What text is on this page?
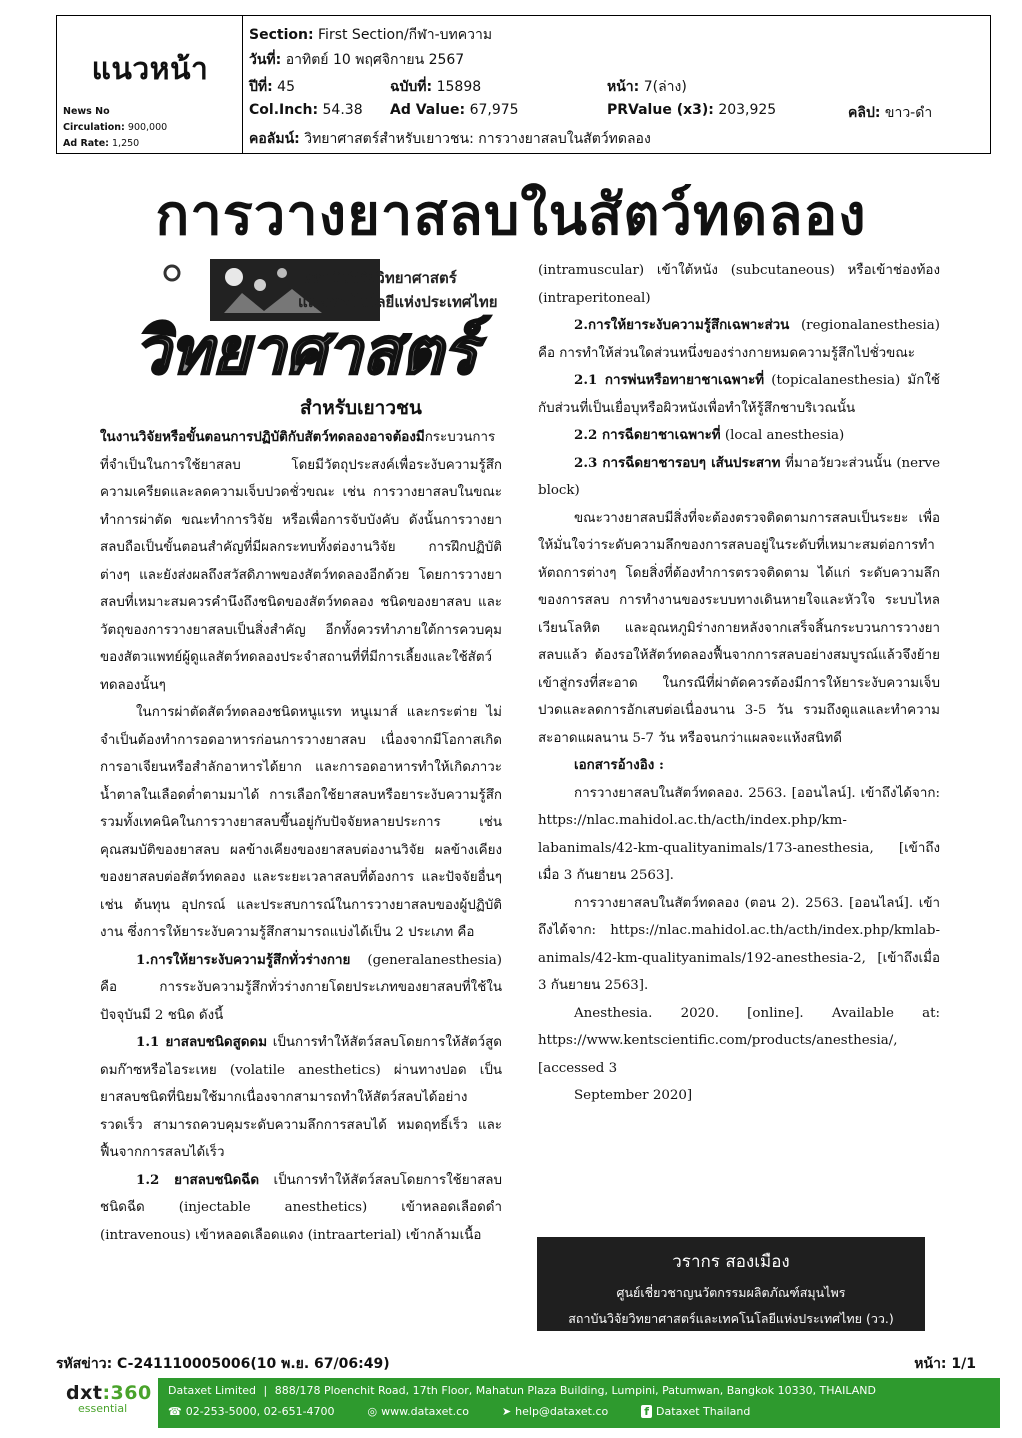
แนวหน้า
News No
Circulation: 900,000
Ad Rate: 1,250
Section: First Section/กีฬา-บทความ
วันที่: อาทิตย์ 10 พฤศจิกายน 2567
ปีที่: 45	ฉบับที่: 15898	หน้า: 7(ล่าง)
Col.Inch: 54.38 Ad Value: 67,975	PRValue (x3): 203,925	คลิป: ขาว-ดำ
คอลัมน์: วิทยาศาสตร์สำหรับเยาวชน: การวางยาสลบในสัตว์ทดลอง
การวางยาสลบในสัตว์ทดลอง
สถาบันวิจัยวิทยาศาสตร์
และเทคโนโลยีแห่งประเทศไทย
วิทยาศาสตร์
สำหรับเยาวชน

ในงานวิจัยหรือขั้นตอนการปฏิบัติกับสัตว์ทดลองอาจต้องมีกระบวนการที่จำเป็นในการใช้ยาสลบ โดยมีวัตถุประสงค์เพื่อระงับความรู้สึก ความเครียดและลดความเจ็บปวดชั่วขณะ เช่น การวางยาสลบในขณะทำการผ่าตัด ขณะทำการวิจัย หรือเพื่อการจับบังคับ ดังนั้นการวางยาสลบถือเป็นขั้นตอนสำคัญที่มีผลกระทบทั้งต่องานวิจัย การฝึกปฏิบัติต่างๆ และยังส่งผลถึงสวัสดิภาพของสัตว์ทดลองอีกด้วย โดยการวางยาสลบที่เหมาะสมควรคำนึงถึงชนิดของสัตว์ทดลอง ชนิดของยาสลบ และวัตถุของการวางยาสลบเป็นสิ่งสำคัญ อีกทั้งควรทำภายใต้การควบคุมของสัตวแพทย์ผู้ดูแลสัตว์ทดลองประจำสถานที่ที่มีการเลี้ยงและใช้สัตว์ทดลองนั้นๆ

ในการผ่าตัดสัตว์ทดลองชนิดหนูแรท หนูเมาส์ และกระต่าย ไม่จำเป็นต้องทำการอดอาหารก่อนการวางยาสลบ เนื่องจากมีโอกาสเกิดการอาเจียนหรือสำลักอาหารได้ยาก และการอดอาหารทำให้เกิดภาวะน้ำตาลในเลือดต่ำตามมาได้ การเลือกใช้ยาสลบหรือยาระงับความรู้สึก รวมทั้งเทคนิคในการวางยาสลบขึ้นอยู่กับปัจจัยหลายประการ เช่น คุณสมบัติของยาสลบ ผลข้างเคียงของยาสลบต่องานวิจัย ผลข้างเคียงของยาสลบต่อสัตว์ทดลอง และระยะเวลาสลบที่ต้องการ และปัจจัยอื่นๆ เช่น ต้นทุน อุปกรณ์ และประสบการณ์ในการวางยาสลบของผู้ปฏิบัติงาน ซึ่งการให้ยาระงับความรู้สึกสามารถแบ่งได้เป็น 2 ประเภท คือ

1.การให้ยาระงับความรู้สึกทั่วร่างกาย (generalanesthesia) คือ การระงับความรู้สึกทั่วร่างกายโดยประเภทของยาสลบที่ใช้ในปัจจุบันมี 2 ชนิด ดังนี้

1.1 ยาสลบชนิดสูดดม เป็นการทำให้สัตว์สลบโดยการให้สัตว์สูดดมก๊าซหรือไอระเหย (volatile anesthetics) ผ่านทางปอด เป็นยาสลบชนิดที่นิยมใช้มากเนื่องจากสามารถทำให้สัตว์สลบได้อย่างรวดเร็ว สามารถควบคุมระดับความลึกการสลบได้ หมดฤทธิ์เร็ว และฟื้นจากการสลบได้เร็ว

1.2 ยาสลบชนิดฉีด เป็นการทำให้สัตว์สลบโดยการใช้ยาสลบชนิดฉีด (injectable anesthetics) เข้าหลอดเลือดดำ (intravenous) เข้าหลอดเลือดแดง (intraarterial) เข้ากล้ามเนื้อ

(intramuscular) เข้าใต้หนัง (subcutaneous) หรือเข้าช่องท้อง (intraperitoneal)

2.การให้ยาระงับความรู้สึกเฉพาะส่วน (regionalanesthesia) คือ การทำให้ส่วนใดส่วนหนึ่งของร่างกายหมดความรู้สึกไปชั่วขณะ

2.1 การพ่นหรือทายาชาเฉพาะที่ (topicalanesthesia) มักใช้กับส่วนที่เป็นเยื่อบุหรือผิวหนังเพื่อทำให้รู้สึกชาบริเวณนั้น

2.2 การฉีดยาชาเฉพาะที่ (local anesthesia)

2.3 การฉีดยาชารอบๆ เส้นประสาท ที่มาอวัยวะส่วนนั้น (nerve block)

ขณะวางยาสลบมีสิ่งที่จะต้องตรวจติดตามการสลบเป็นระยะ เพื่อให้มั่นใจว่าระดับความลึกของการสลบอยู่ในระดับที่เหมาะสมต่อการทำหัตถการต่างๆ โดยสิ่งที่ต้องทำการตรวจติดตาม ได้แก่ ระดับความลึกของการสลบ การทำงานของระบบทางเดินหายใจและหัวใจ ระบบไหลเวียนโลหิต และอุณหภูมิร่างกายหลังจากเสร็จสิ้นกระบวนการวางยาสลบแล้ว ต้องรอให้สัตว์ทดลองฟื้นจากการสลบอย่างสมบูรณ์แล้วจึงย้ายเข้าสู่กรงที่สะอาด ในกรณีที่ผ่าตัดควรต้องมีการให้ยาระงับความเจ็บปวดและลดการอักเสบต่อเนื่องนาน 3-5 วัน รวมถึงดูแลและทำความสะอาดแผลนาน 5-7 วัน หรือจนกว่าแผลจะแห้งสนิทดี

เอกสารอ้างอิง :

การวางยาสลบในสัตว์ทดลอง. 2563. [ออนไลน์]. เข้าถึงได้จาก: https://nlac.mahidol.ac.th/acth/index.php/km-labanimals/42-km-qualityanimals/173-anesthesia, [เข้าถึงเมื่อ 3 กันยายน 2563].

การวางยาสลบในสัตว์ทดลอง (ตอน 2). 2563. [ออนไลน์]. เข้าถึงได้จาก: https://nlac.mahidol.ac.th/acth/index.php/kmlab-animals/42-km-qualityanimals/192-anesthesia-2, [เข้าถึงเมื่อ 3 กันยายน 2563].

Anesthesia. 2020. [online]. Available at: https://www.kentscientific.com/products/anesthesia/, [accessed 3

September 2020]

วรากร สองเมือง
ศูนย์เชี่ยวชาญนวัตกรรมผลิตภัณฑ์สมุนไพร
สถาบันวิจัยวิทยาศาสตร์และเทคโนโลยีแห่งประเทศไทย (วว.)
รหัสข่าว: C-241110005006(10 พ.ย. 67/06:49)	หน้า: 1/1
dxt:360
essential
Dataxet Limited | 888/178 Ploenchit Road, 17th Floor, Mahatun Plaza Building, Lumpini, Patumwan, Bangkok 10330, THAILAND
☎ 02-253-5000, 02-651-4700	◎ www.dataxet.co	➤ help@dataxet.co	f Dataxet Thailand
